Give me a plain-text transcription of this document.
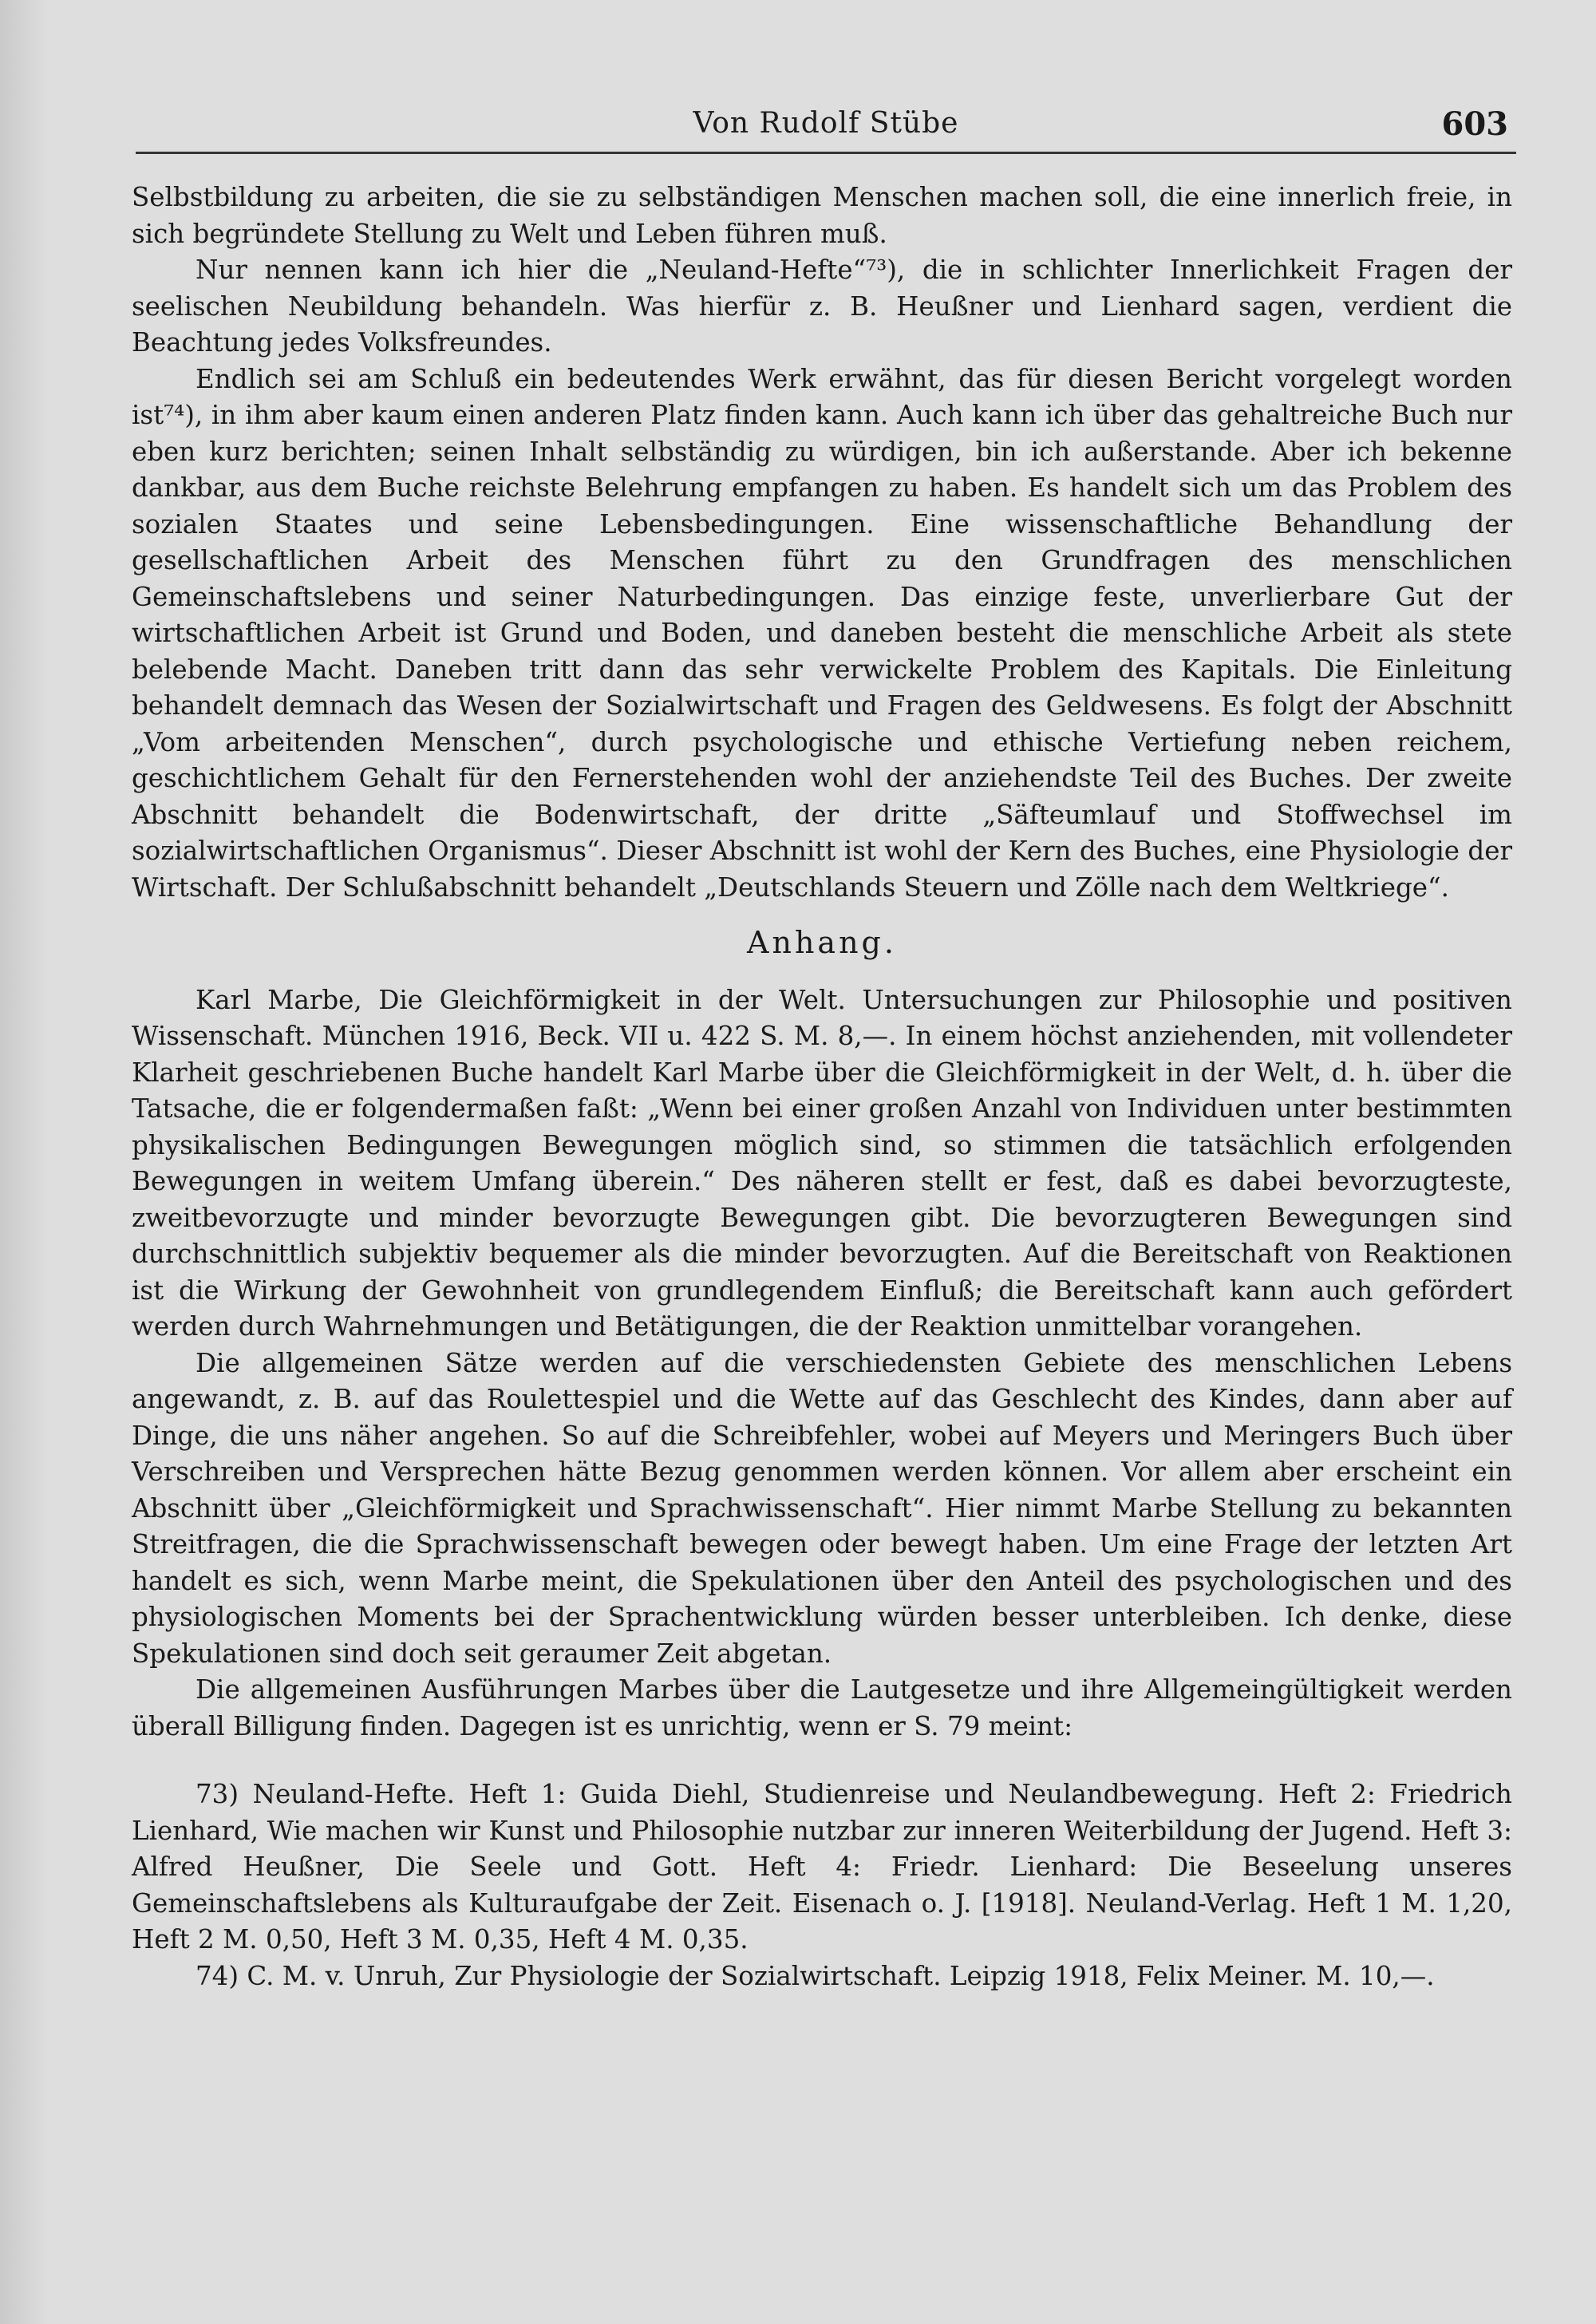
Von Rudolf Stübe	603

Selbstbildung zu arbeiten, die sie zu selbständigen Menschen machen soll, die eine innerlich freie, in sich begründete Stellung zu Welt und Leben führen muß.

Nur nennen kann ich hier die „Neuland-Hefte“⁷³), die in schlichter Innerlichkeit Fragen der seelischen Neubildung behandeln. Was hierfür z. B. Heußner und Lienhard sagen, verdient die Beachtung jedes Volksfreundes.

Endlich sei am Schluß ein bedeutendes Werk erwähnt, das für diesen Bericht vorgelegt worden ist⁷⁴), in ihm aber kaum einen anderen Platz finden kann. Auch kann ich über das gehaltreiche Buch nur eben kurz berichten; seinen Inhalt selbständig zu würdigen, bin ich außerstande. Aber ich bekenne dankbar, aus dem Buche reichste Belehrung empfangen zu haben. Es handelt sich um das Problem des sozialen Staates und seine Lebensbedingungen. Eine wissenschaftliche Behandlung der gesellschaftlichen Arbeit des Menschen führt zu den Grundfragen des menschlichen Gemeinschaftslebens und seiner Naturbedingungen. Das einzige feste, unverlierbare Gut der wirtschaftlichen Arbeit ist Grund und Boden, und daneben besteht die menschliche Arbeit als stete belebende Macht. Daneben tritt dann das sehr verwickelte Problem des Kapitals. Die Einleitung behandelt demnach das Wesen der Sozialwirtschaft und Fragen des Geldwesens. Es folgt der Abschnitt „Vom arbeitenden Menschen“, durch psychologische und ethische Vertiefung neben reichem, geschichtlichem Gehalt für den Fernerstehenden wohl der anziehendste Teil des Buches. Der zweite Abschnitt behandelt die Bodenwirtschaft, der dritte „Säfteumlauf und Stoffwechsel im sozialwirtschaftlichen Organismus“. Dieser Abschnitt ist wohl der Kern des Buches, eine Physiologie der Wirtschaft. Der Schlußabschnitt behandelt „Deutschlands Steuern und Zölle nach dem Weltkriege“.

Anhang.

Karl Marbe, Die Gleichförmigkeit in der Welt. Untersuchungen zur Philosophie und positiven Wissenschaft. München 1916, Beck. VII u. 422 S. M. 8,—. In einem höchst anziehenden, mit vollendeter Klarheit geschriebenen Buche handelt Karl Marbe über die Gleichförmigkeit in der Welt, d. h. über die Tatsache, die er folgendermaßen faßt: „Wenn bei einer großen Anzahl von Individuen unter bestimmten physikalischen Bedingungen Bewegungen möglich sind, so stimmen die tatsächlich erfolgenden Bewegungen in weitem Umfang überein.“ Des näheren stellt er fest, daß es dabei bevorzugteste, zweitbevorzugte und minder bevorzugte Bewegungen gibt. Die bevorzugteren Bewegungen sind durchschnittlich subjektiv bequemer als die minder bevorzugten. Auf die Bereitschaft von Reaktionen ist die Wirkung der Gewohnheit von grundlegendem Einfluß; die Bereitschaft kann auch gefördert werden durch Wahrnehmungen und Betätigungen, die der Reaktion unmittelbar vorangehen.

Die allgemeinen Sätze werden auf die verschiedensten Gebiete des menschlichen Lebens angewandt, z. B. auf das Roulettespiel und die Wette auf das Geschlecht des Kindes, dann aber auf Dinge, die uns näher angehen. So auf die Schreibfehler, wobei auf Meyers und Meringers Buch über Verschreiben und Versprechen hätte Bezug genommen werden können. Vor allem aber erscheint ein Abschnitt über „Gleichförmigkeit und Sprachwissenschaft“. Hier nimmt Marbe Stellung zu bekannten Streitfragen, die die Sprachwissenschaft bewegen oder bewegt haben. Um eine Frage der letzten Art handelt es sich, wenn Marbe meint, die Spekulationen über den Anteil des psychologischen und des physiologischen Moments bei der Sprachentwicklung würden besser unterbleiben. Ich denke, diese Spekulationen sind doch seit geraumer Zeit abgetan.

Die allgemeinen Ausführungen Marbes über die Lautgesetze und ihre Allgemeingültigkeit werden überall Billigung finden. Dagegen ist es unrichtig, wenn er S. 79 meint:

73) Neuland-Hefte. Heft 1: Guida Diehl, Studienreise und Neulandbewegung. Heft 2: Friedrich Lienhard, Wie machen wir Kunst und Philosophie nutzbar zur inneren Weiterbildung der Jugend. Heft 3: Alfred Heußner, Die Seele und Gott. Heft 4: Friedr. Lienhard: Die Beseelung unseres Gemeinschaftslebens als Kulturaufgabe der Zeit. Eisenach o. J. [1918]. Neuland-Verlag. Heft 1 M. 1,20, Heft 2 M. 0,50, Heft 3 M. 0,35, Heft 4 M. 0,35.

74) C. M. v. Unruh, Zur Physiologie der Sozialwirtschaft. Leipzig 1918, Felix Meiner. M. 10,—.
